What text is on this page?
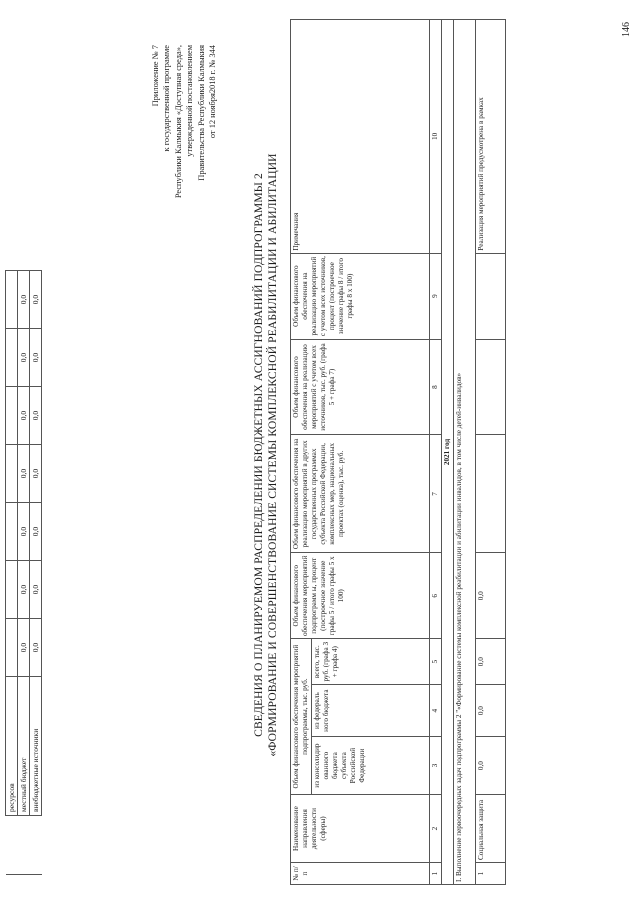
	ресурсов							
	местный бюджет	0,0	0,0	0,0	0,0	0,0	0,0	0,0
	внебюджетные источники	0,0	0,0	0,0	0,0	0,0	0,0	0,0
Приложение № 7 к государственной программе Республики Калмыкия «Доступная среда», утвержденной постановлением Правительства Республики Калмыкия от 12 ноября2018 г. № 344
СВЕДЕНИЯ О ПЛАНИРУЕМОМ РАСПРЕДЕЛЕНИИ БЮДЖЕТНЫХ АССИГНОВАНИЙ ПОДПРОГРАММЫ 2 «ФОРМИРОВАНИЕ И СОВЕРШЕНСТВОВАНИЕ СИСТЕМЫ КОМПЛЕКСНОЙ РЕАБИЛИТАЦИИ И АБИЛИТАЦИИ
№ п/п	Наименование направления деятельности (сферы)	Объем финансового обеспечения мероприятий подпрограммы, тыс. руб.			Объем финансового обеспечения мероприятий подпрограмм ы, процент (построечное значение графы 5 / итого графы 5 х 100)	Объем финансового обеспечения на реализацию мероприятий в других государственных программах субъекта Российской Федерации, комплексных мер, национальных проектах (оценка), тыс. руб.	Объем финансового обеспечения на реализацию мероприятий с учетом всех источников, тыс. руб. (графа 5 + графа 7)	Объем финансового обеспечения на реализацию мероприятий с учетом всех источников, процент (построечное значение графы 8 / итого графы 8 х 100)	Примечания
		из консолидир ованного бюджета субъекта Российской Федерации	из федераль ного бюджета	всего, тыс. руб. (графа 3 + графа 4)					
1	2	3	4	5	6	7	8	9	10
2021 год									
I. Выполнение первоочередных задач подпрограммы 2 "«Формирование системы комплексной реабилитации и абилитации инвалидов, в том числе детей-инвалидов»									
1	Социальная защита	0,0	0,0	0,0	0,0				Реализация мероприятий предусмотрена в рамках
146
